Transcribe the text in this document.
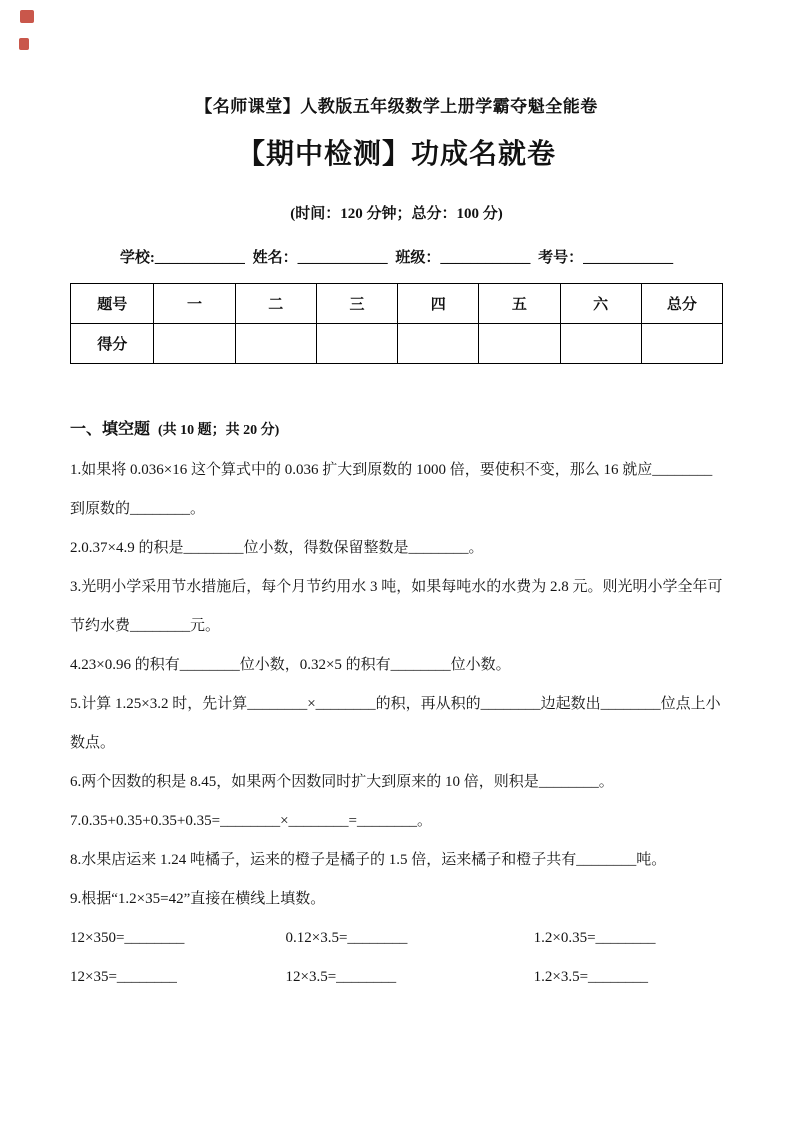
【名师课堂】人教版五年级数学上册学霸夺魁全能卷
【期中检测】功成名就卷
(时间：120 分钟；总分：100 分)
学校:____________ 姓名：____________ 班级：____________ 考号：____________
题号	一	二	三	四	五	六	总分
得分							
一、填空题 (共 10 题；共 20 分)
1.如果将 0.036×16 这个算式中的 0.036 扩大到原数的 1000 倍，要使积不变，那么 16 就应________到原数的________。
2.0.37×4.9 的积是________位小数，得数保留整数是________。
3.光明小学采用节水措施后，每个月节约用水 3 吨，如果每吨水的水费为 2.8 元。则光明小学全年可节约水费________元。
4.23×0.96 的积有________位小数，0.32×5 的积有________位小数。
5.计算 1.25×3.2 时，先计算________×________的积，再从积的________边起数出________位点上小数点。
6.两个因数的积是 8.45，如果两个因数同时扩大到原来的 10 倍，则积是________。
7.0.35+0.35+0.35+0.35=________×________=________。
8.水果店运来 1.24 吨橘子，运来的橙子是橘子的 1.5 倍，运来橘子和橙子共有________吨。
9.根据“1.2×35=42”直接在横线上填数。
12×350=________	0.12×3.5=________	1.2×0.35=________
12×35=________	12×3.5=________	1.2×3.5=________
